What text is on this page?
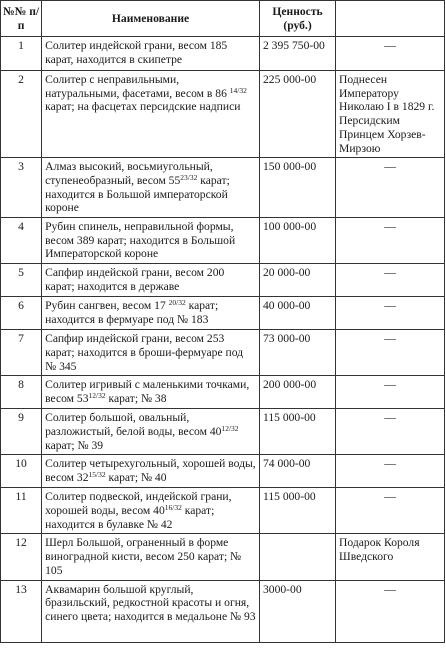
№№ п/п	Наименование	Ценность (руб.)	
1	Солитер индейской грани, весом 185 карат, находится в скипетре	2 395 750-00	—
2	Солитер с неправильными, натуральными, фасетами, весом в 86 $^{14/32}$ карат; на фасцетах персидские надписи	225 000-00	Поднесен Императору Николаю I в 1829 г. Персидским Принцем Хорзев-Мирзою
3	Алмаз высокий, восьмиугольный, ступенеобразный, весом $55^{23/32}$ карат; находится в Большой императорской короне	150 000-00	—
4	Рубин спинель, неправильной формы, весом 389 карат; находится в Большой Императорской короне	100 000-00	—
5	Сапфир индейской грани, весом 200 карат; находится в державе	20 000-00	—
6	Рубин сангвен, весом 17 $^{20/32}$ карат; находится в фермуаре под № 183	40 000-00	—
7	Сапфир индейской грани, весом 253 карат; находится в броши-фермуаре под № 345	73 000-00	—
8	Солитер игривый с маленькими точками, весом $53^{12/32}$ карат; № 38	200 000-00	—
9	Солитер большой, овальный, разложистый, белой воды, весом $40^{12/32}$ карат; № 39	115 000-00	—
10	Солитер четырехугольный, хорошей воды, весом $32^{15/32}$ карат; № 40	74 000-00	—
11	Солитер подвеской, индейской грани, хорошей воды, весом $40^{16/32}$ карат; находится в булавке № 42	115 000-00	—
12	Шерл Большой, ограненный в форме виноградной кисти, весом 250 карат; № 105		Подарок Короля Шведского
13	Аквамарин большой круглый, бразильский, редкостной красоты и огня, синего цвета; находится в медальоне № 93	3000-00	—
